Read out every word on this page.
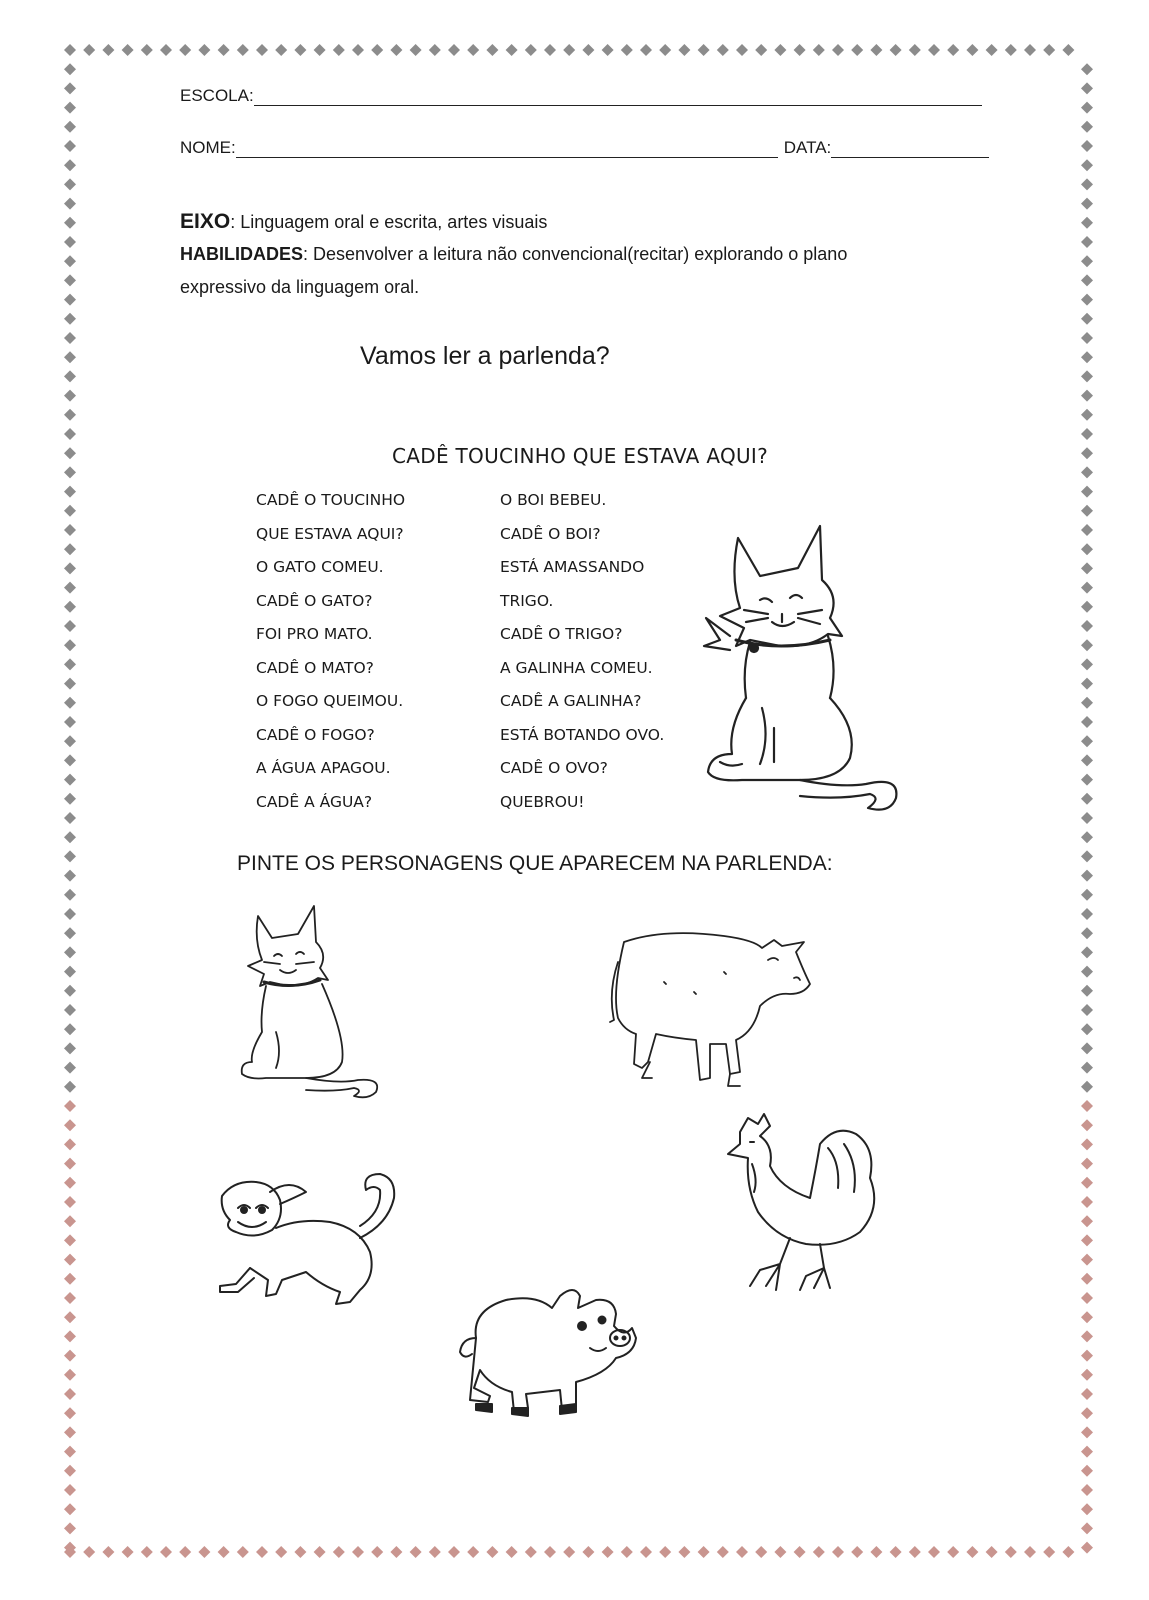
ESCOLA:
NOME:	DATA:
EIXO: Linguagem oral e escrita, artes visuais
HABILIDADES: Desenvolver a leitura não convencional(recitar) explorando o plano
expressivo da linguagem oral.
Vamos ler a parlenda?
CADÊ TOUCINHO QUE ESTAVA AQUI?
CADÊ O TOUCINHO
QUE ESTAVA AQUI?
O GATO COMEU.
CADÊ O GATO?
FOI PRO MATO.
CADÊ O MATO?
O FOGO QUEIMOU.
CADÊ O FOGO?
A ÁGUA APAGOU.
CADÊ A ÁGUA?
O BOI BEBEU.
CADÊ O BOI?
ESTÁ AMASSANDO
TRIGO.
CADÊ O TRIGO?
A GALINHA COMEU.
CADÊ A GALINHA?
ESTÁ BOTANDO OVO.
CADÊ O OVO?
QUEBROU!
PINTE OS PERSONAGENS QUE APARECEM NA PARLENDA:
